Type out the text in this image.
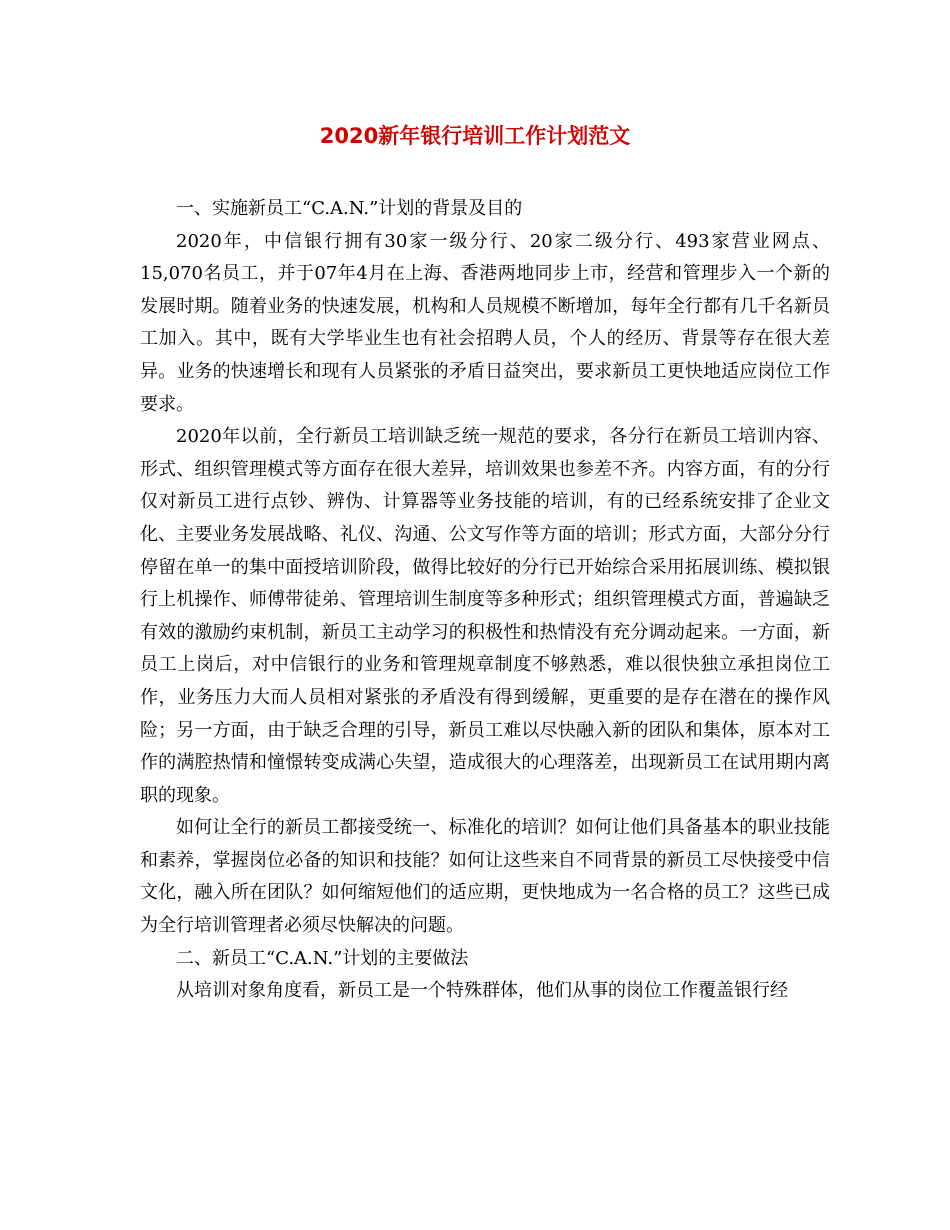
2020新年银行培训工作计划范文

一、实施新员工“C.A.N.”计划的背景及目的

2020年，中信银行拥有30家一级分行、20家二级分行、493家营业网点、15,070名员工，并于07年4月在上海、香港两地同步上市，经营和管理步入一个新的发展时期。随着业务的快速发展，机构和人员规模不断增加，每年全行都有几千名新员工加入。其中，既有大学毕业生也有社会招聘人员，个人的经历、背景等存在很大差异。业务的快速增长和现有人员紧张的矛盾日益突出，要求新员工更快地适应岗位工作要求。

2020年以前，全行新员工培训缺乏统一规范的要求，各分行在新员工培训内容、形式、组织管理模式等方面存在很大差异，培训效果也参差不齐。内容方面，有的分行仅对新员工进行点钞、辨伪、计算器等业务技能的培训，有的已经系统安排了企业文化、主要业务发展战略、礼仪、沟通、公文写作等方面的培训；形式方面，大部分分行停留在单一的集中面授培训阶段，做得比较好的分行已开始综合采用拓展训练、模拟银行上机操作、师傅带徒弟、管理培训生制度等多种形式；组织管理模式方面，普遍缺乏有效的激励约束机制，新员工主动学习的积极性和热情没有充分调动起来。一方面，新员工上岗后，对中信银行的业务和管理规章制度不够熟悉，难以很快独立承担岗位工作，业务压力大而人员相对紧张的矛盾没有得到缓解，更重要的是存在潜在的操作风险；另一方面，由于缺乏合理的引导，新员工难以尽快融入新的团队和集体，原本对工作的满腔热情和憧憬转变成满心失望，造成很大的心理落差，出现新员工在试用期内离职的现象。

如何让全行的新员工都接受统一、标准化的培训？如何让他们具备基本的职业技能和素养，掌握岗位必备的知识和技能？如何让这些来自不同背景的新员工尽快接受中信文化，融入所在团队？如何缩短他们的适应期，更快地成为一名合格的员工？这些已成为全行培训管理者必须尽快解决的问题。

二、新员工“C.A.N.”计划的主要做法

从培训对象角度看，新员工是一个特殊群体，他们从事的岗位工作覆盖银行经
